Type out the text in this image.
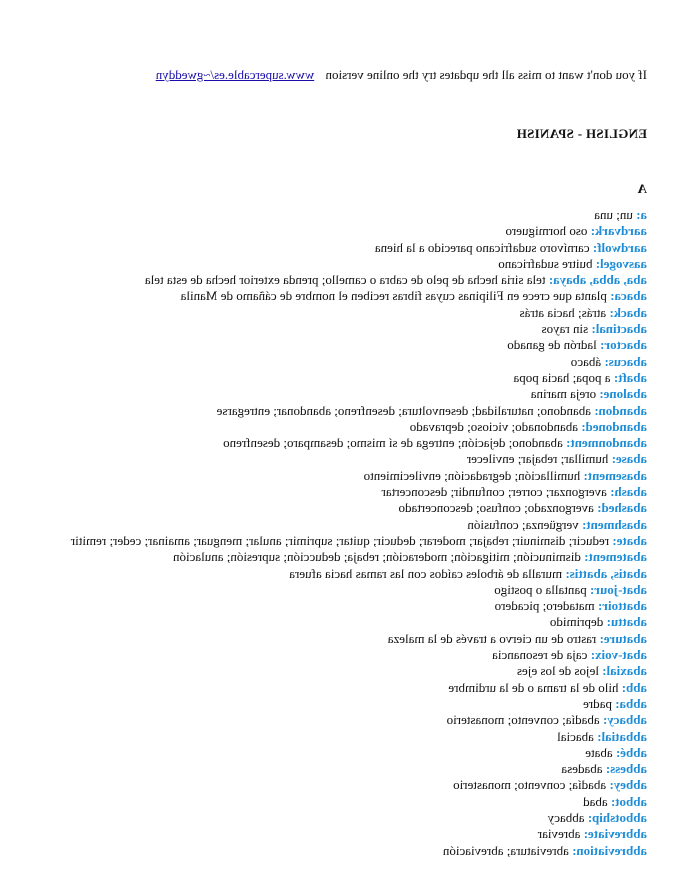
If you don't want to miss all the updates try the online version www.supercable.es/~gweddyn
ENGLISH - SPANISH
A
a: un; una
aardvark: oso hormiguero
aardwolf: carnívoro sudafricano parecido a la hiena
aasvogel: buitre sudafricano
aba, abba, abaya: tela siria hecha de pelo de cabra o camello; prenda exterior hecha de esta tela
abaca: planta que crece en Filipinas cuyas fibras reciben el nombre de cáñamo de Manila
aback: atrás; hacia atrás
abactinal: sin rayos
abactor: ladrón de ganado
abacus: ábaco
abaft: a popa; hacia popa
abalone: oreja marina
abandon: abandono; naturalidad; desenvoltura; desenfreno; abandonar; entregarse
abandoned: abandonado; vicioso; depravado
abandonment: abandono; dejación; entrega de sí mismo; desamparo; desenfreno
abase: humillar; rebajar; envilecer
abasement: humillación; degradación; envilecimiento
abash: avergonzar; correr; confundir; desconcertar
abashed: avergonzado; confuso; desconcertado
abashment: vergüenza; confusión
abate: reducir; disminuir; rebajar; moderar; deducir; quitar; suprimir; anular; menguar; amainar; ceder; remitir
abatement: disminución; mitigación; moderación; rebaja; deducción; supresión; anulación
abatis, abattis: muralla de árboles caídos con las ramas hacia afuera
abat-jour: pantalla o postigo
abattoir: matadero; picadero
abattu: deprimido
abature: rastro de un ciervo a través de la maleza
abat-voix: caja de resonancia
abaxial: lejos de los ejes
abb: hilo de la trama o de la urdimbre
abba: padre
abbacy: abadía; convento; monasterio
abbatial: abacial
abbé: abate
abbess: abadesa
abbey: abadía; convento; monasterio
abbot: abad
abbotship: abbacy
abbreviate: abreviar
abbreviation: abreviatura; abreviación
